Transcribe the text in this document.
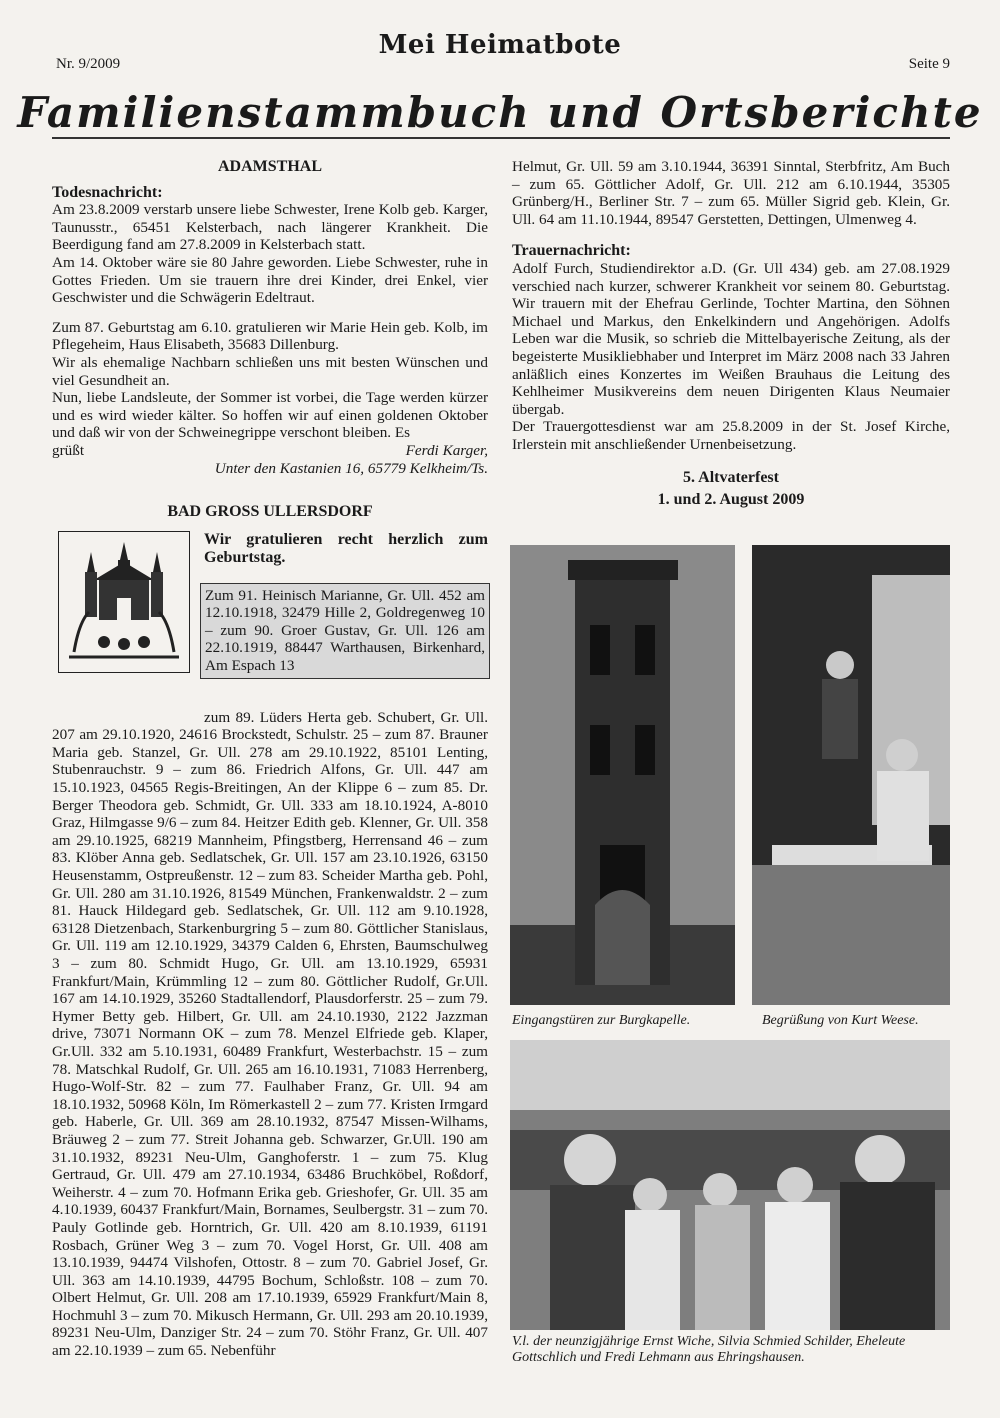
Nr. 9/2009
Mei Heimatbote
Seite 9
Familienstammbuch und Ortsberichte
ADAMSTHAL
Todesnachricht:

Am 23.8.2009 verstarb unsere liebe Schwester, Irene Kolb geb. Karger, Taunusstr., 65451 Kelsterbach, nach längerer Krankheit. Die Beerdigung fand am 27.8.2009 in Kelsterbach statt.

Am 14. Oktober wäre sie 80 Jahre geworden. Liebe Schwester, ruhe in Gottes Frieden. Um sie trauern ihre drei Kinder, drei Enkel, vier Geschwister und die Schwägerin Edeltraut.

Zum 87. Geburtstag am 6.10. gratulieren wir Marie Hein geb. Kolb, im Pflegeheim, Haus Elisabeth, 35683 Dillenburg.

Wir als ehemalige Nachbarn schließen uns mit besten Wünschen und viel Gesundheit an.

Nun, liebe Landsleute, der Sommer ist vorbei, die Tage werden kürzer und es wird wieder kälter. So hoffen wir auf einen goldenen Oktober und daß wir von der Schweinegrippe verschont bleiben. Es

grüßt	Ferdi Karger,

Unter den Kastanien 16, 65779 Kelkheim/Ts.

BAD GROSS ULLERSDORF
Wir gratulieren recht herzlich zum Geburtstag.
Zum 91. Heinisch Marianne, Gr. Ull. 452 am 12.10.1918, 32479 Hille 2, Goldregenweg 10 – zum 90. Groer Gustav, Gr. Ull. 126 am 22.10.1919, 88447 Warthausen, Birkenhard, Am Espach 13

zum 89. Lüders Herta geb. Schubert, Gr. Ull. 207 am 29.10.1920, 24616 Brockstedt, Schulstr. 25 – zum 87. Brauner Maria geb. Stanzel, Gr. Ull. 278 am 29.10.1922, 85101 Lenting, Stubenrauchstr. 9 – zum 86. Friedrich Alfons, Gr. Ull. 447 am 15.10.1923, 04565 Regis-Breitingen, An der Klippe 6 – zum 85. Dr. Berger Theodora geb. Schmidt, Gr. Ull. 333 am 18.10.1924, A-8010 Graz, Hilmgasse 9/6 – zum 84. Heitzer Edith geb. Klenner, Gr. Ull. 358 am 29.10.1925, 68219 Mannheim, Pfingstberg, Herrensand 46 – zum 83. Klöber Anna geb. Sedlatschek, Gr. Ull. 157 am 23.10.1926, 63150 Heusenstamm, Ostpreußenstr. 12 – zum 83. Scheider Martha geb. Pohl, Gr. Ull. 280 am 31.10.1926, 81549 München, Frankenwaldstr. 2 – zum 81. Hauck Hildegard geb. Sedlatschek, Gr. Ull. 112 am 9.10.1928, 63128 Dietzenbach, Starkenburgring 5 – zum 80. Göttlicher Stanislaus, Gr. Ull. 119 am 12.10.1929, 34379 Calden 6, Ehrsten, Baumschulweg 3 – zum 80. Schmidt Hugo, Gr. Ull. am 13.10.1929, 65931 Frankfurt/Main, Krümmling 12 – zum 80. Göttlicher Rudolf, Gr.Ull. 167 am 14.10.1929, 35260 Stadtallendorf, Plausdorferstr. 25 – zum 79. Hymer Betty geb. Hilbert, Gr. Ull. am 24.10.1930, 2122 Jazzman drive, 73071 Normann OK – zum 78. Menzel Elfriede geb. Klaper, Gr.Ull. 332 am 5.10.1931, 60489 Frankfurt, Westerbachstr. 15 – zum 78. Matschkal Rudolf, Gr. Ull. 265 am 16.10.1931, 71083 Herrenberg, Hugo-Wolf-Str. 82 – zum 77. Faulhaber Franz, Gr. Ull. 94 am 18.10.1932, 50968 Köln, Im Römerkastell 2 – zum 77. Kristen Irmgard geb. Haberle, Gr. Ull. 369 am 28.10.1932, 87547 Missen-Wilhams, Bräuweg 2 – zum 77. Streit Johanna geb. Schwarzer, Gr.Ull. 190 am 31.10.1932, 89231 Neu-Ulm, Ganghoferstr. 1 – zum 75. Klug Gertraud, Gr. Ull. 479 am 27.10.1934, 63486 Bruchköbel, Roßdorf, Weiherstr. 4 – zum 70. Hofmann Erika geb. Grieshofer, Gr. Ull. 35 am 4.10.1939, 60437 Frankfurt/Main, Bornames, Seulbergstr. 31 – zum 70. Pauly Gotlinde geb. Horntrich, Gr. Ull. 420 am 8.10.1939, 61191 Rosbach, Grüner Weg 3 – zum 70. Vogel Horst, Gr. Ull. 408 am 13.10.1939, 94474 Vilshofen, Ottostr. 8 – zum 70. Gabriel Josef, Gr. Ull. 363 am 14.10.1939, 44795 Bochum, Schloßstr. 108 – zum 70. Olbert Helmut, Gr. Ull. 208 am 17.10.1939, 65929 Frankfurt/Main 8, Hochmuhl 3 – zum 70. Mikusch Hermann, Gr. Ull. 293 am 20.10.1939, 89231 Neu-Ulm, Danziger Str. 24 – zum 70. Stöhr Franz, Gr. Ull. 407 am 22.10.1939 – zum 65. Nebenführ

Helmut, Gr. Ull. 59 am 3.10.1944, 36391 Sinntal, Sterbfritz, Am Buch – zum 65. Göttlicher Adolf, Gr. Ull. 212 am 6.10.1944, 35305 Grünberg/H., Berliner Str. 7 – zum 65. Müller Sigrid geb. Klein, Gr. Ull. 64 am 11.10.1944, 89547 Gerstetten, Dettingen, Ulmenweg 4.

Trauernachricht:

Adolf Furch, Studiendirektor a.D. (Gr. Ull 434) geb. am 27.08.1929 verschied nach kurzer, schwerer Krankheit vor seinem 80. Geburtstag. Wir trauern mit der Ehefrau Gerlinde, Tochter Martina, den Söhnen Michael und Markus, den Enkelkindern und Angehörigen. Adolfs Leben war die Musik, so schrieb die Mittelbayerische Zeitung, als der begeisterte Musikliebhaber und Interpret im März 2008 nach 33 Jahren anläßlich eines Konzertes im Weißen Brauhaus die Leitung des Kehlheimer Musikvereins dem neuen Dirigenten Klaus Neumaier übergab.

Der Trauergottesdienst war am 25.8.2009 in der St. Josef Kirche, Irlerstein mit anschließender Urnenbeisetzung.

5. Altvaterfest
1. und 2. August 2009
Eingangstüren zur Burgkapelle.	Begrüßung von Kurt Weese.
V.l. der neunzigjährige Ernst Wiche, Silvia Schmied Schilder, Eheleute Gottschlich und Fredi Lehmann aus Ehringshausen.
